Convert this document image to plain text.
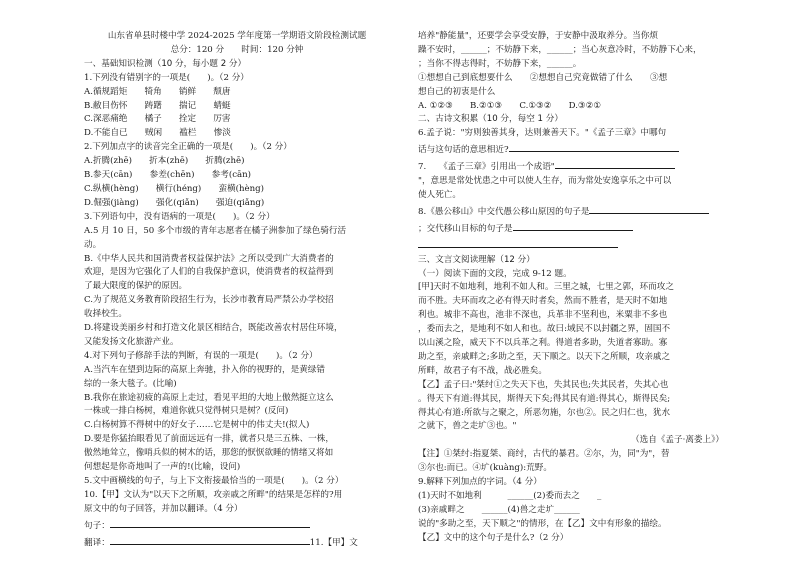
山东省单县时楼中学 2024-2025 学年度第一学期语文阶段检测试题
总分：120 分　　时间：120 分钟
一、基础知识检测（10 分，每小题 2 分）
1.下列没有错别字的一项是(　　)。（2 分）
A.循规蹈矩　　犄角　　销鲜　　颓唐
B.敝目伤怀　　踌躇　　揣记　　蜻蜓
C.深恶痛绝　　橘子　　拴定　　厉害
D.不能自已　　贼闲　　褴栏　　惨淡
2.下列加点字的读音完全正确的一项是(　　)。（2 分）
A.折腾(zhē)　　折本(zhē)　　折腾(zhē)
B.参天(cān)　　参差(chēn)　　参考(cān)
C.纵横(hèng)　　横行(héng)　　蛮横(hèng)
D.倔强(jiàng)　　强化(qiǎn)　　强迫(qiǎng)
3.下列语句中，没有语病的一项是(　　)。（2 分）
A.5 月 10 日，50 多个市级的青年志愿者在橘子洲参加了绿色骑行活
动。
B.《中华人民共和国消费者权益保护法》之所以受到广大消费者的
欢迎，是因为它强化了人们的自我保护意识，使消费者的权益得到
了最大限度的保护的原因。
C.为了规范义务教育阶段招生行为，长沙市教育局严禁公办学校招
收择校生。
D.将建设美丽乡村和打造文化景区相结合，既能改善农村居住环境，
又能发扬文化旅游产业。
4.对下列句子修辞手法的判断，有误的一项是(　　)。（2 分）
A.当汽车在望到边际的高原上奔驰，扑入你的视野的，是黄绿错
综的一条大毯子。(比喻)
B.我你在旅途初疲的高原上走过，看见平坦的大地上傲然挺立这么
一株或一排白杨树，难道你就只觉得树只是树？(反问)
C.白杨树算不得树中的好女子……它是树中的伟丈夫!(拟人)
D.要是你猛抬眼看见了前面远远有一排，就者只是三五株、一株，
傲然地耸立，像哨兵似的树木的话，那您的恹恹欲睡的情绪又将如
何想起是你奇地叫了一声的!(比喻，设问)
5.文中画横线的句子，与上下文衔接最恰当的一项是(　　)。（2 分）
10.【甲】文认为"以天下之所顺，攻亲戚之所畔"的结果是怎样的?用
原文中的句子回答，并加以翻译。（4 分）
句子：
翻译：	11.【甲】文
培养"静能量"，还要学会享受安静，于安静中汲取养分。当你烦
躁不安时，______；不妨静下来，______；当心灰意冷时，不妨静下心来，
；当你不得志得时，不妨静下来，______。
①想想自己到底想要什么　　②想想自己究竟做错了什么　　③想
想自己的初衷是什么
A. ①②③　　B.②①③　　C.①③②　　D.③②①
二、古诗文积累（10 分，每空 1 分）
6.孟子说："穷则独善其身，达则兼善天下。"《孟子三章》中哪句
话与这句话的意思相近?
7.　　《孟子三章》引用出一个成语"
"，意思是常处忧患之中可以使人生存，而为常处安逸享乐之中可以
使人死亡。
8.《愚公移山》中交代愚公移山原因的句子是
；交代移山目标的句子是
三、文言文阅读理解（12 分）
（一）阅读下面的文段，完成 9-12 题。
[甲]天时不如地利，地利不如人和。三里之城，七里之郭，环而攻之
而不胜。夫环而攻之必有得天时者矣，然而不胜者，是天时不如地
利也。城非不高也，池非不深也，兵革非不坚利也，米粟非不多也
，委而去之，是地利不如人和也。故曰:域民不以封疆之界，固国不
以山溪之险，威天下不以兵革之利。得道者多助，失道者寡助。寡
助之至，亲戚畔之;多助之至，天下顺之。以天下之所顺，攻亲戚之
所畔，故君子有不战，战必胜矣。
【乙】孟子曰:"桀纣①之失天下也，失其民也;失其民者，失其心也
。得天下有道:得其民，斯得天下矣;得其民有道:得其心，斯得民矣;
得其心有道:所欲与之聚之，所恶勿施，尔也②。民之归仁也，犹水
之就下，兽之走圹③也。"
（选自《孟子·离娄上》）
【注】①桀纣:指夏桀、商纣，古代的暴君。②尔，为，同"为"，替
③尔也:而已。④圹(kuàng):荒野。
9.解释下列加点的字词。（4 分）
(1)天时不如地利　　　______(2)委而去之　　_
(3)亲戚畔之　　______(4)兽之走圹______
说的"多助之至，天下顺之"的情形，在【乙】文中有形象的描绘。
【乙】文中的这个句子是什么?（2 分）
